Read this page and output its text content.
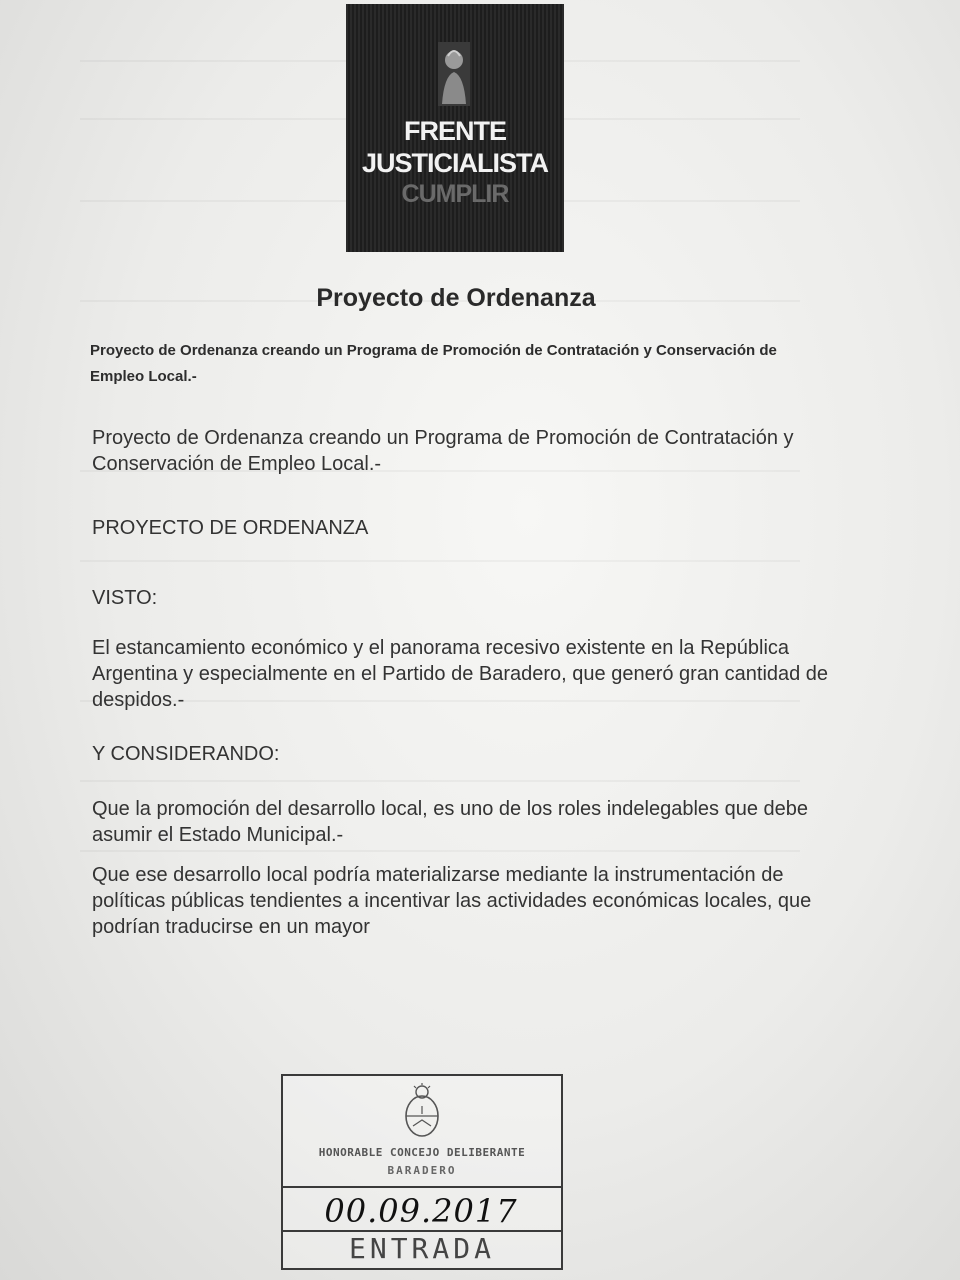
FRENTE
JUSTICIALISTA
CUMPLIR
Proyecto de Ordenanza
Proyecto de Ordenanza creando un Programa de Promoción de Contratación y Conservación de Empleo Local.-
Proyecto de Ordenanza creando un Programa de Promoción de Contratación y Conservación de Empleo Local.-
PROYECTO DE ORDENANZA
VISTO:
El estancamiento económico y el panorama recesivo existente en la República Argentina y especialmente en el Partido de Baradero, que generó gran cantidad de despidos.-
Y CONSIDERANDO:
Que la promoción del desarrollo local, es uno de los roles indelegables que debe asumir el Estado Municipal.-
Que ese desarrollo local podría materializarse mediante la instrumentación de políticas públicas tendientes a incentivar las actividades económicas locales, que podrían traducirse en un mayor
HONORABLE CONCEJO DELIBERANTE
BARADERO
00.09.2017
ENTRADA
